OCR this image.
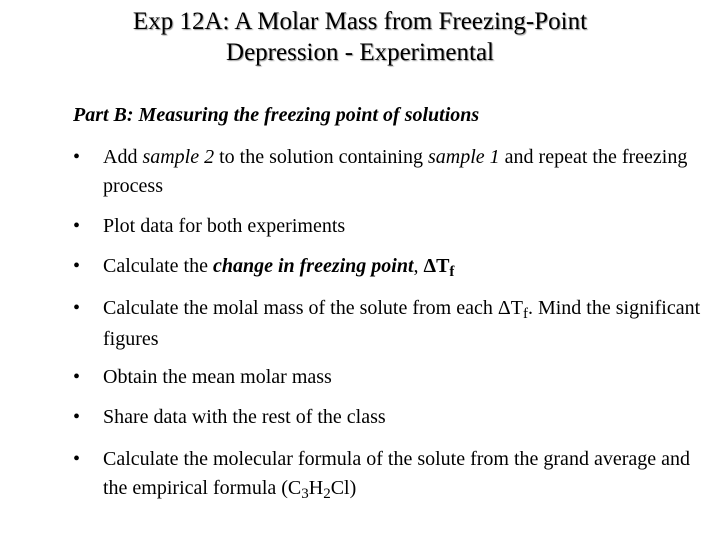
Exp 12A: A Molar Mass from Freezing-Point
Depression - Experimental

Part B: Measuring the freezing point of solutions

•	Add sample 2 to the solution containing sample 1 and repeat the freezing process
•	Plot data for both experiments
•	Calculate the change in freezing point, $\Delta T_f$
•	Calculate the molal mass of the solute from each $\Delta T_f$. Mind the significant figures
•	Obtain the mean molar mass
•	Share data with the rest of the class
•	Calculate the molecular formula of the solute from the grand average and the empirical formula $(C_3H_2Cl)$
